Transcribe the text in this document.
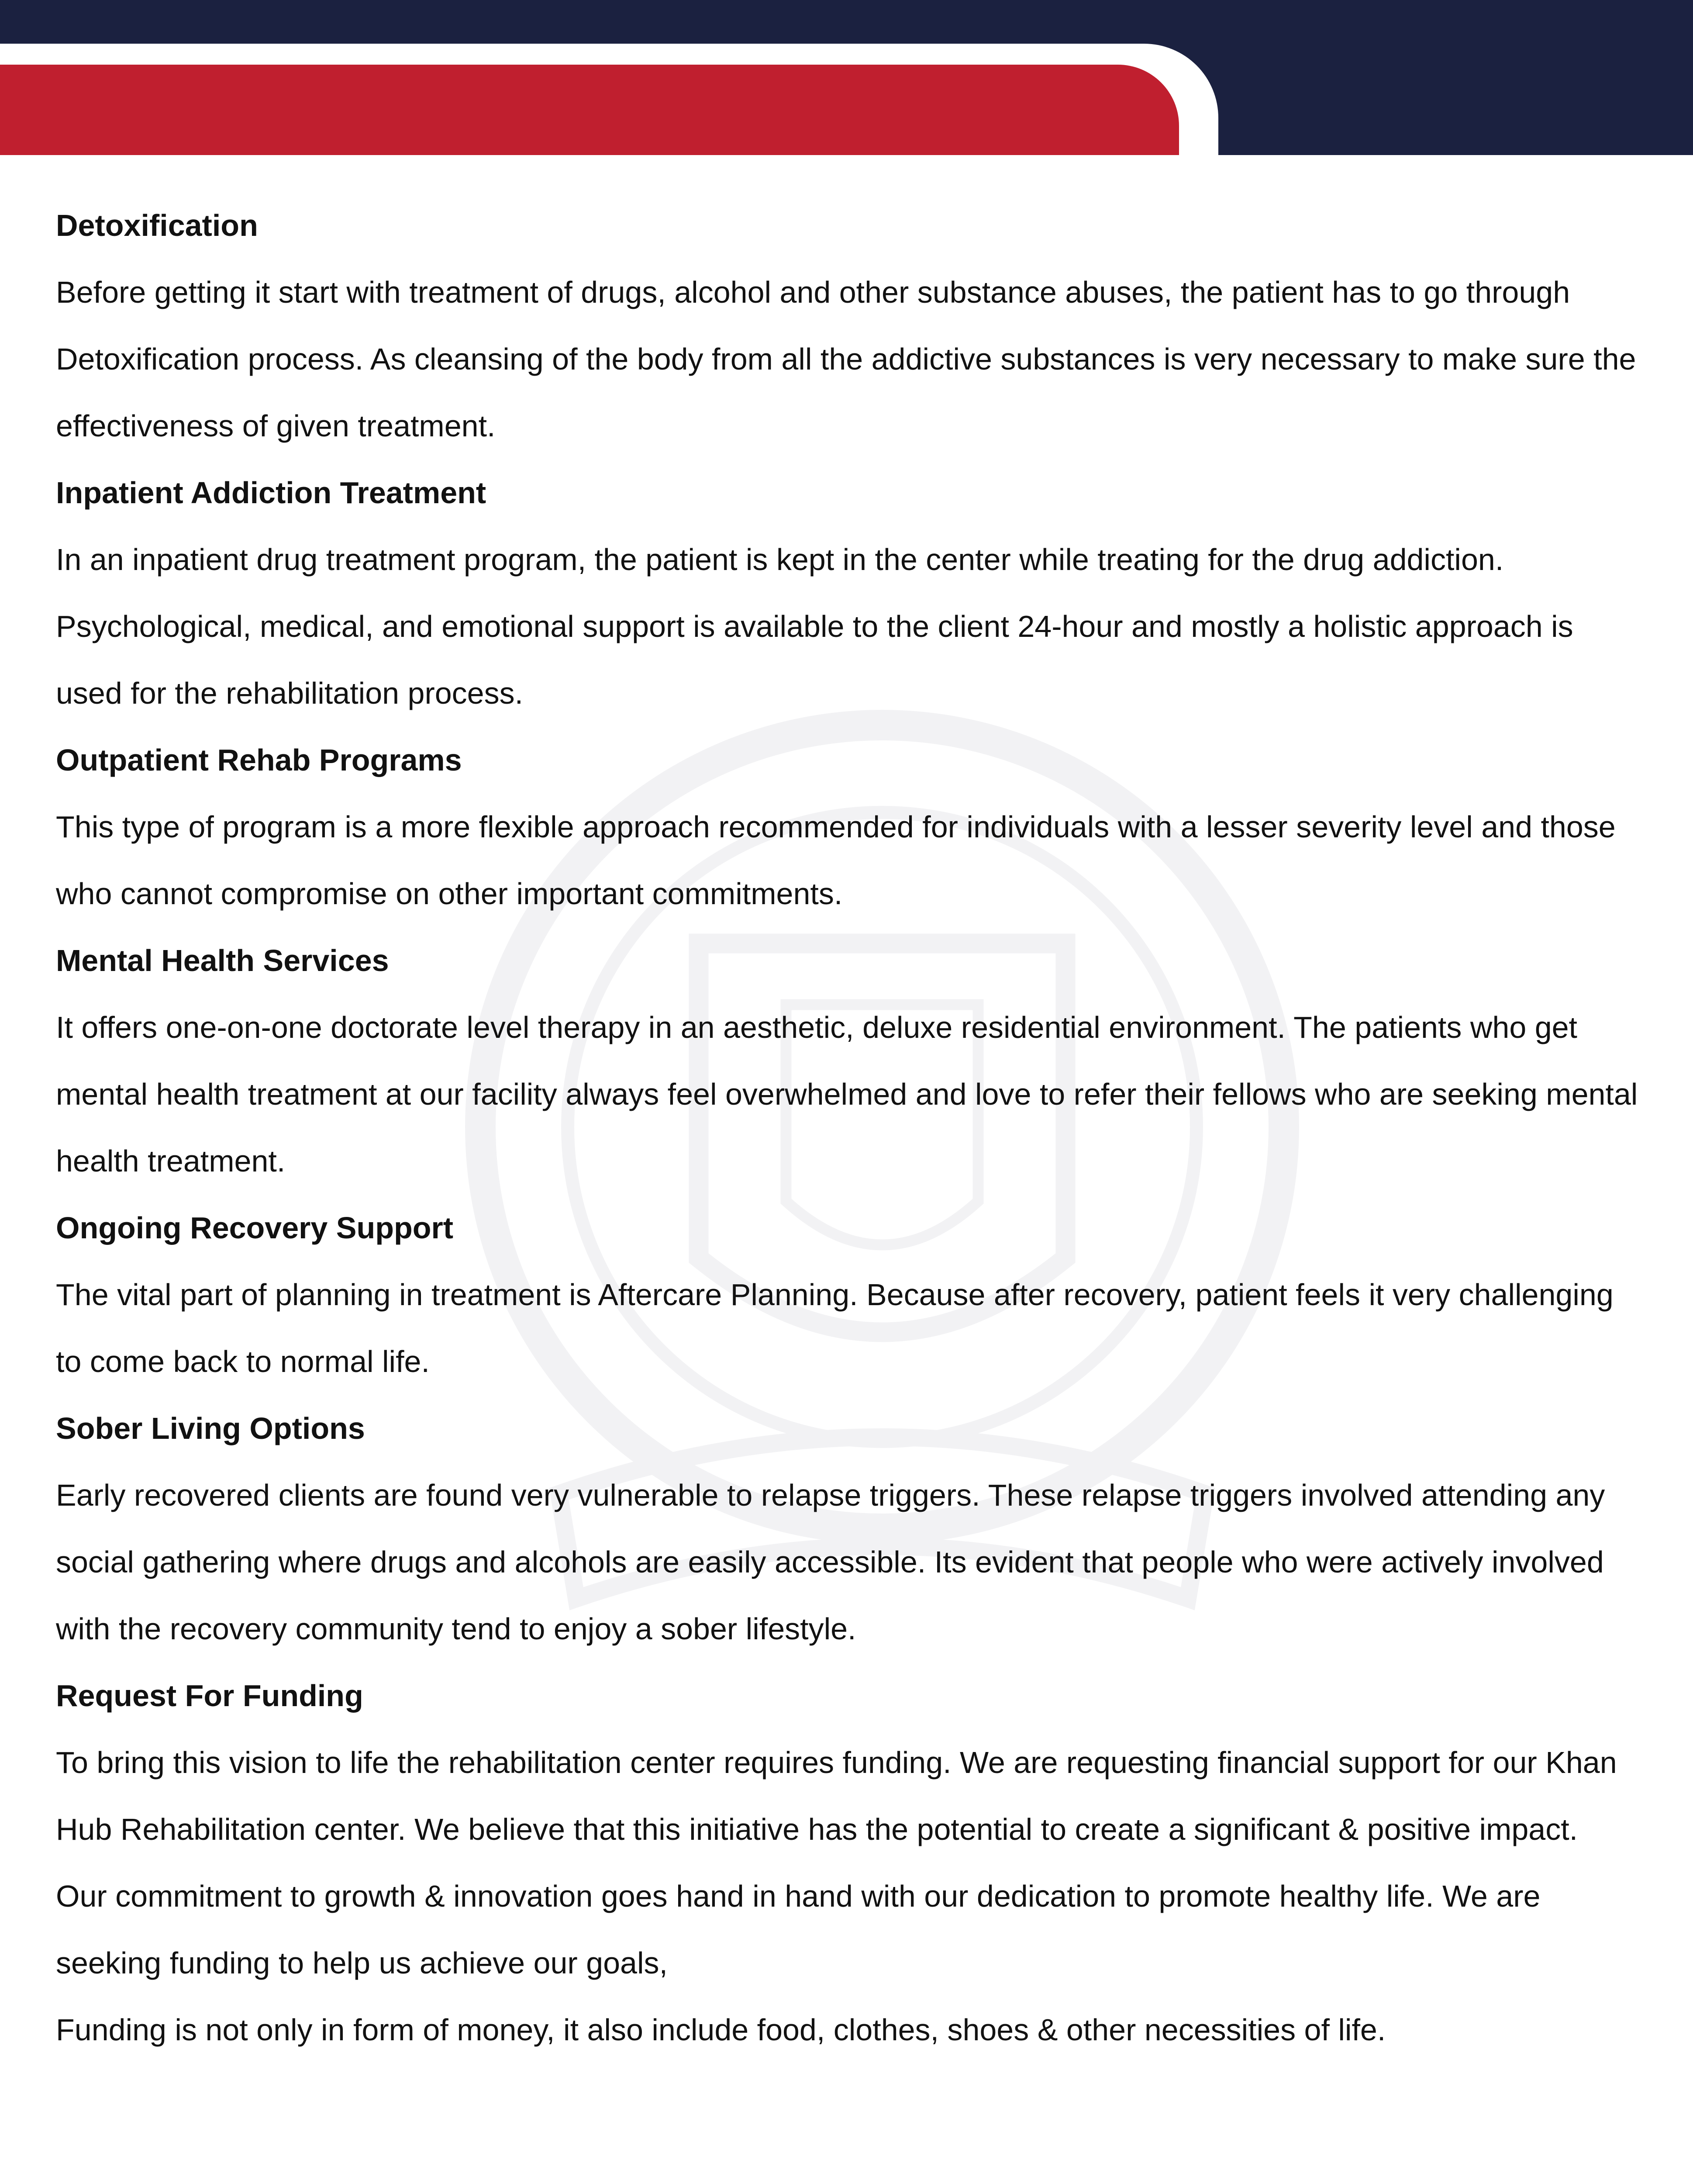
Detoxification

Before getting it start with treatment of drugs, alcohol and other substance abuses, the patient has to go through Detoxification process. As cleansing of the body from all the addictive substances is very necessary to make sure the effectiveness of given treatment.

Inpatient Addiction Treatment

In an inpatient drug treatment program, the patient is kept in the center while treating for the drug addiction. Psychological, medical, and emotional support is available to the client 24-hour and mostly a holistic approach is used for the rehabilitation process.

Outpatient Rehab Programs

This type of program is a more flexible approach recommended for individuals with a lesser severity level and those who cannot compromise on other important commitments.

Mental Health Services

It offers one-on-one doctorate level therapy in an aesthetic, deluxe residential environment. The patients who get mental health treatment at our facility always feel overwhelmed and love to refer their fellows who are seeking mental health treatment.

Ongoing Recovery Support

The vital part of planning in treatment is Aftercare Planning. Because after recovery, patient feels it very challenging to come back to normal life.

Sober Living Options

Early recovered clients are found very vulnerable to relapse triggers. These relapse triggers involved attending any social gathering where drugs and alcohols are easily accessible. Its evident that people who were actively involved with the recovery community tend to enjoy a sober lifestyle.

Request For Funding

To bring this vision to life the rehabilitation center requires funding. We are requesting financial support for our Khan Hub Rehabilitation center. We believe that this initiative has the potential to create a significant & positive impact.

Our commitment to growth & innovation goes hand in hand with our dedication to promote healthy life. We are seeking funding to help us achieve our goals,

Funding is not only in form of money, it also include food, clothes, shoes & other necessities of life.
